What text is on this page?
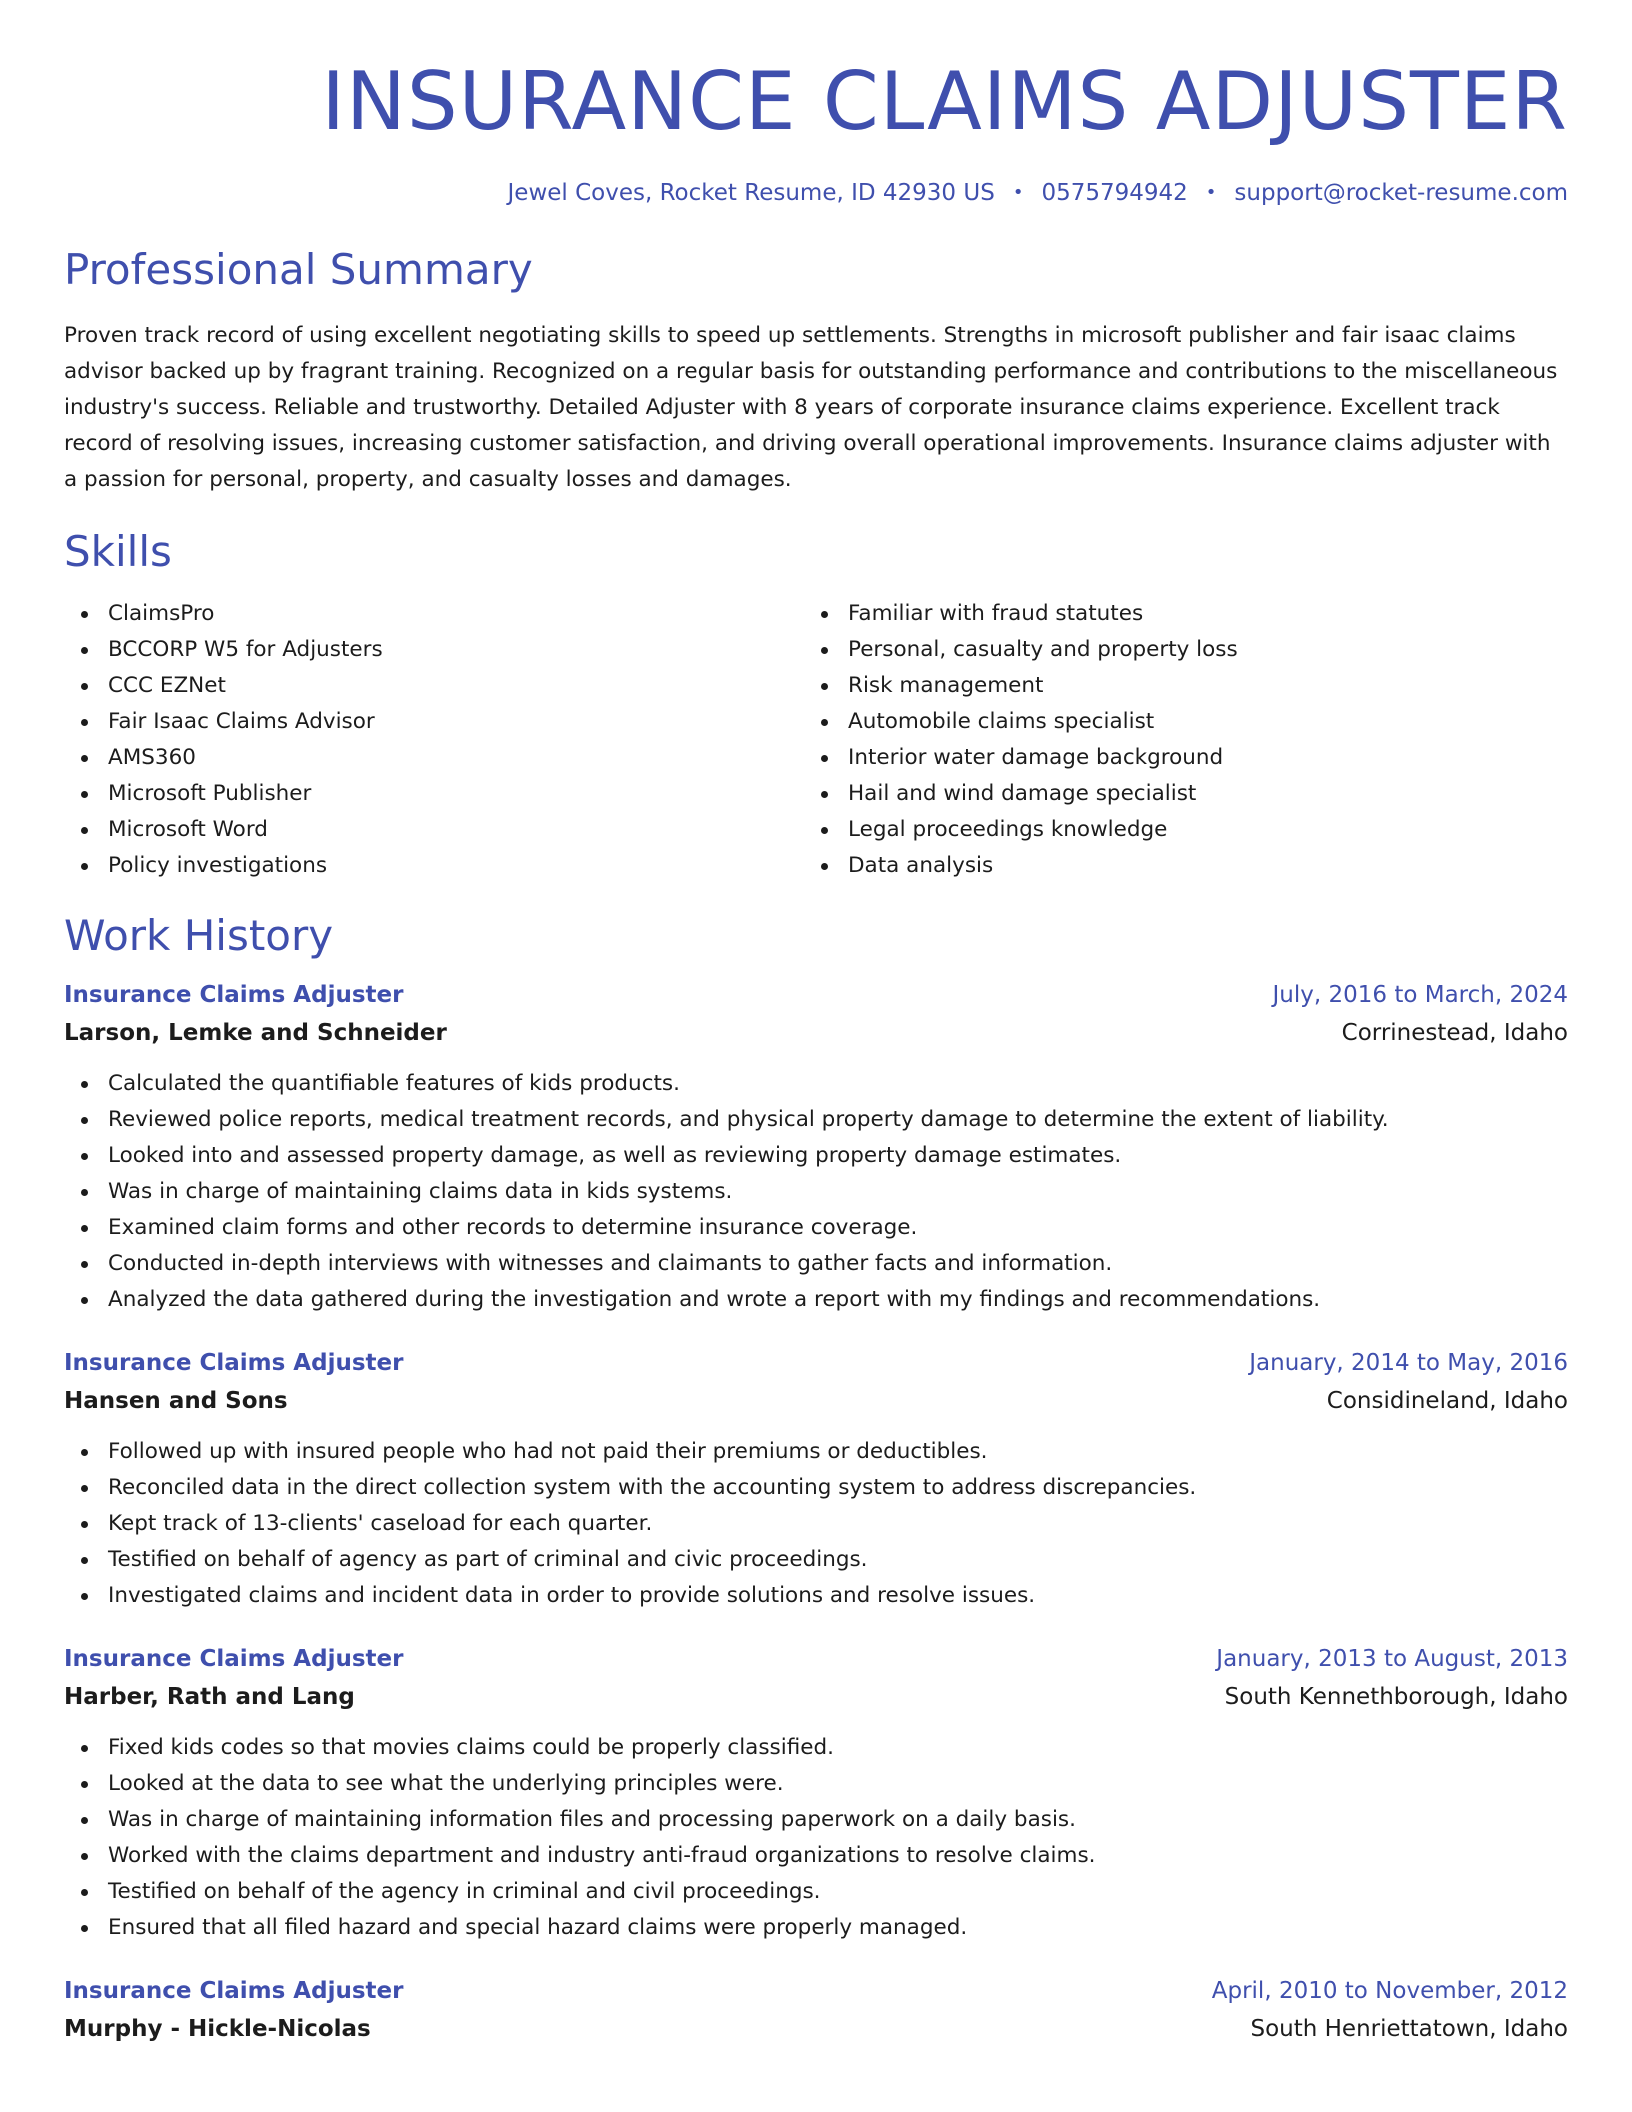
INSURANCE CLAIMS ADJUSTER
Jewel Coves, Rocket Resume, ID 42930 US • 0575794942 • support@rocket-resume.com
Professional Summary

Proven track record of using excellent negotiating skills to speed up settlements. Strengths in microsoft publisher and fair isaac claims advisor backed up by fragrant training. Recognized on a regular basis for outstanding performance and contributions to the miscellaneous industry's success. Reliable and trustworthy. Detailed Adjuster with 8 years of corporate insurance claims experience. Excellent track record of resolving issues, increasing customer satisfaction, and driving overall operational improvements. Insurance claims adjuster with a passion for personal, property, and casualty losses and damages.

Skills
ClaimsPro
BCCORP W5 for Adjusters
CCC EZNet
Fair Isaac Claims Advisor
AMS360
Microsoft Publisher
Microsoft Word
Policy investigations
Familiar with fraud statutes
Personal, casualty and property loss
Risk management
Automobile claims specialist
Interior water damage background
Hail and wind damage specialist
Legal proceedings knowledge
Data analysis
Work History
Insurance Claims Adjuster	July, 2016 to March, 2024
Larson, Lemke and Schneider	Corrinestead, Idaho
Calculated the quantifiable features of kids products.
Reviewed police reports, medical treatment records, and physical property damage to determine the extent of liability.
Looked into and assessed property damage, as well as reviewing property damage estimates.
Was in charge of maintaining claims data in kids systems.
Examined claim forms and other records to determine insurance coverage.
Conducted in-depth interviews with witnesses and claimants to gather facts and information.
Analyzed the data gathered during the investigation and wrote a report with my findings and recommendations.
Insurance Claims Adjuster	January, 2014 to May, 2016
Hansen and Sons	Considineland, Idaho
Followed up with insured people who had not paid their premiums or deductibles.
Reconciled data in the direct collection system with the accounting system to address discrepancies.
Kept track of 13-clients' caseload for each quarter.
Testified on behalf of agency as part of criminal and civic proceedings.
Investigated claims and incident data in order to provide solutions and resolve issues.
Insurance Claims Adjuster	January, 2013 to August, 2013
Harber, Rath and Lang	South Kennethborough, Idaho
Fixed kids codes so that movies claims could be properly classified.
Looked at the data to see what the underlying principles were.
Was in charge of maintaining information files and processing paperwork on a daily basis.
Worked with the claims department and industry anti-fraud organizations to resolve claims.
Testified on behalf of the agency in criminal and civil proceedings.
Ensured that all filed hazard and special hazard claims were properly managed.
Insurance Claims Adjuster	April, 2010 to November, 2012
Murphy - Hickle-Nicolas	South Henriettatown, Idaho
